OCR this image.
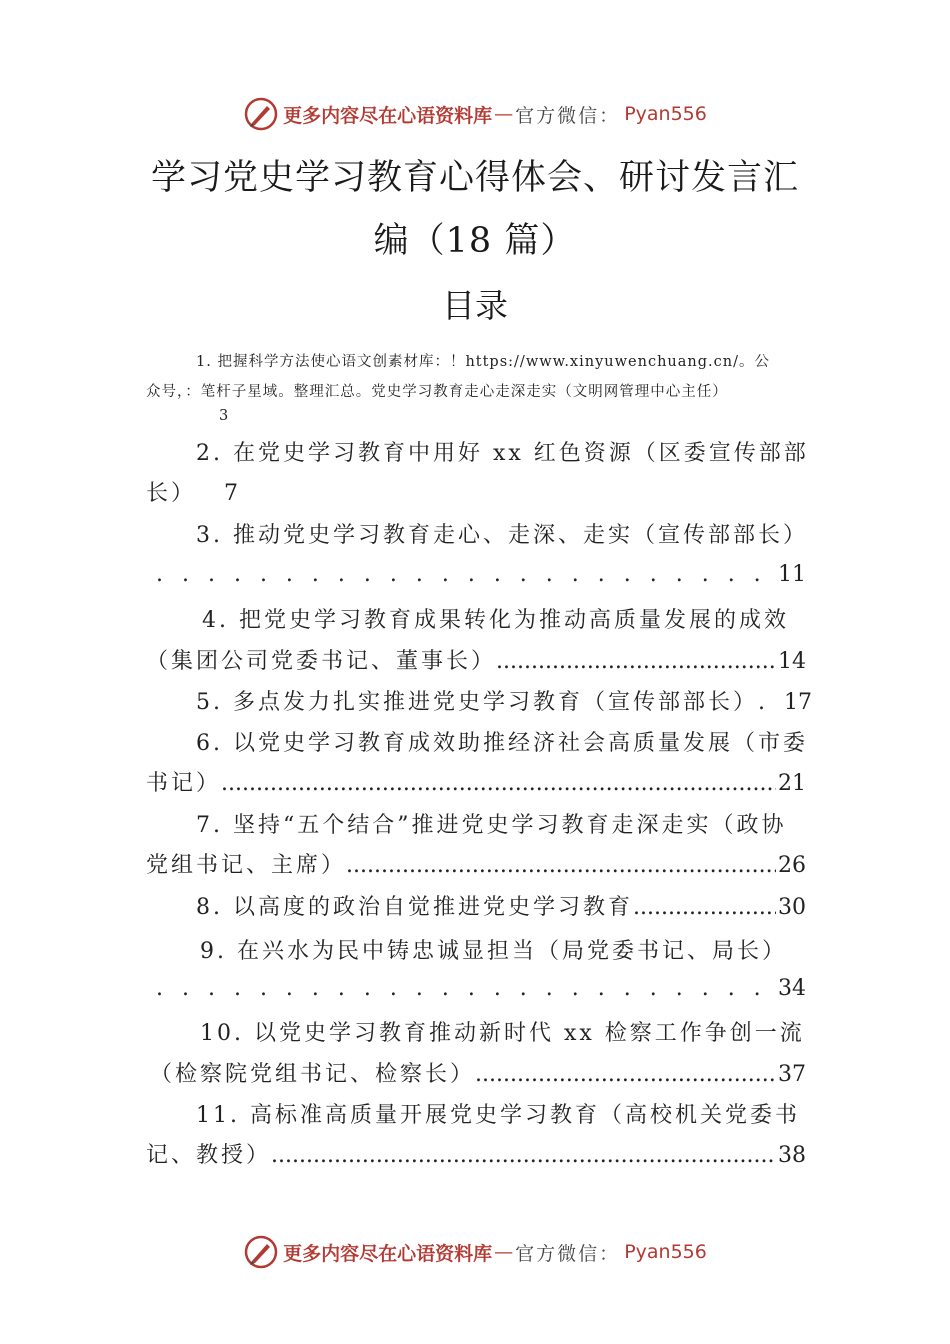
更多内容尽在心语资料库 — 官方微信： Pyan556
学习党史学习教育心得体会、研讨发言汇
编（18 篇）
目录
1. 把握科学方法使心语文创素材库：！https://www.xinyuwenchuang.cn/。公
众号，：笔杆子星域。整理汇总。党史学习教育走心走深走实（文明网管理中心主任）
3
2. 在党史学习教育中用好 xx 红色资源（区委宣传部部
长） 7
3. 推动党史学习教育走心、走深、走实（宣传部部长）
. . .
11
4. 把党史学习教育成果转化为推动高质量发展的成效
（集团公司党委书记、董事长） .....	14
5. 多点发力扎实推进党史学习教育（宣传部部长）. 17
6. 以党史学习教育成效助推经济社会高质量发展（市委
书记） .....	21
7. 坚持“五个结合”推进党史学习教育走深走实（政协
党组书记、主席） .....	26
8. 以高度的政治自觉推进党史学习教育 .....	30
9. 在兴水为民中铸忠诚显担当（局党委书记、局长）
. . .
34
10. 以党史学习教育推动新时代 xx 检察工作争创一流
（检察院党组书记、检察长） .....	37
11. 高标准高质量开展党史学习教育（高校机关党委书
记、教授） .....	38
更多内容尽在心语资料库 — 官方微信： Pyan556
